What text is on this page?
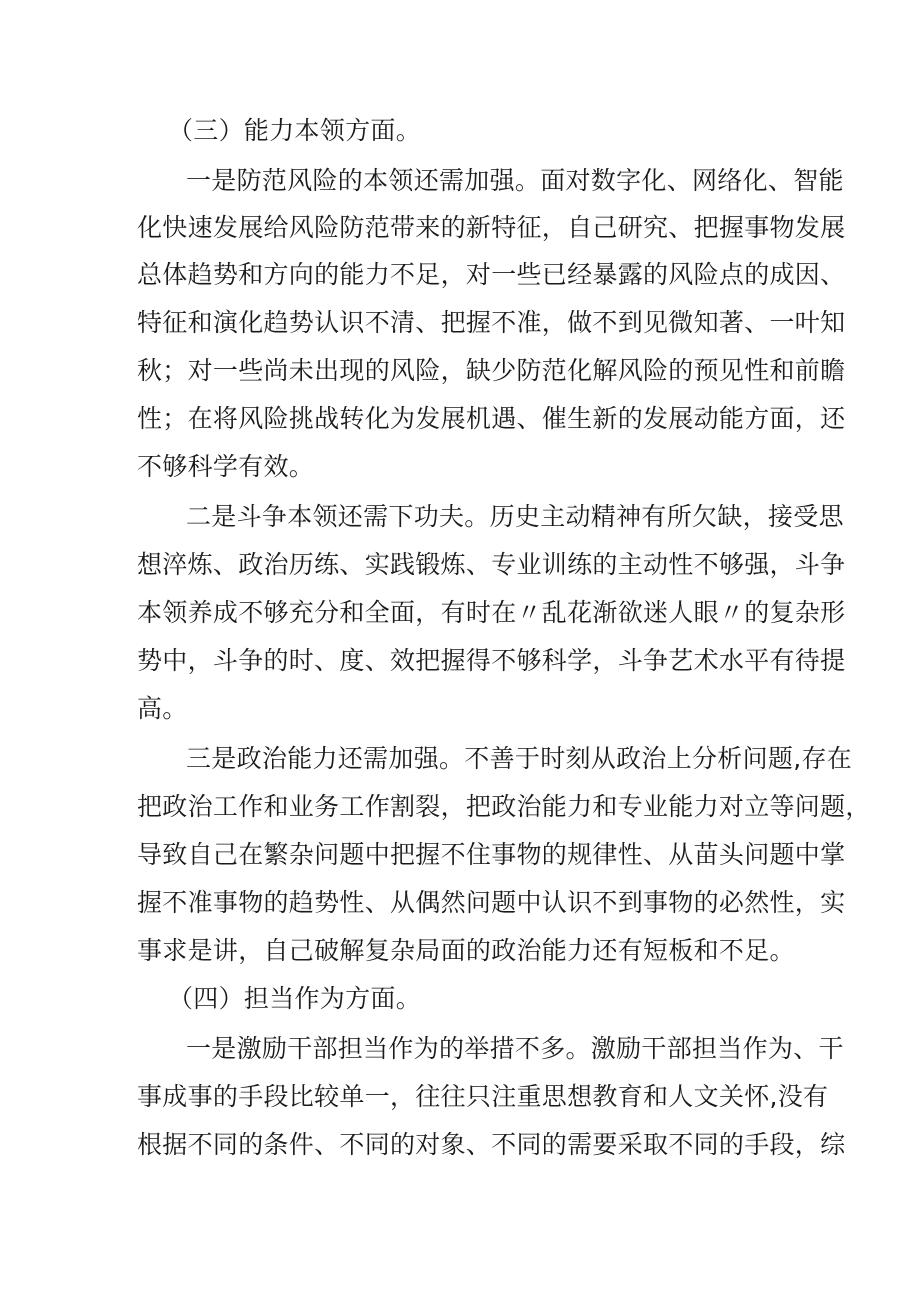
（三）能力本领方面。
一是防范风险的本领还需加强。面对数字化、网络化、智能
化快速发展给风险防范带来的新特征，自己研究、把握事物发展
总体趋势和方向的能力不足，对一些已经暴露的风险点的成因、
特征和演化趋势认识不清、把握不准，做不到见微知著、一叶知
秋；对一些尚未出现的风险，缺少防范化解风险的预见性和前瞻
性；在将风险挑战转化为发展机遇、催生新的发展动能方面，还
不够科学有效。
二是斗争本领还需下功夫。历史主动精神有所欠缺，接受思
想淬炼、政治历练、实践锻炼、专业训练的主动性不够强，斗争
本领养成不够充分和全面，有时在〃乱花渐欲迷人眼〃的复杂形
势中，斗争的时、度、效把握得不够科学，斗争艺术水平有待提
高。
三是政治能力还需加强。不善于时刻从政治上分析问题,存在
把政治工作和业务工作割裂，把政治能力和专业能力对立等问题，
导致自己在繁杂问题中把握不住事物的规律性、从苗头问题中掌
握不准事物的趋势性、从偶然问题中认识不到事物的必然性，实
事求是讲，自己破解复杂局面的政治能力还有短板和不足。
（四）担当作为方面。
一是激励干部担当作为的举措不多。激励干部担当作为、干
事成事的手段比较单一，往往只注重思想教育和人文关怀,没有
根据不同的条件、不同的对象、不同的需要采取不同的手段，综
